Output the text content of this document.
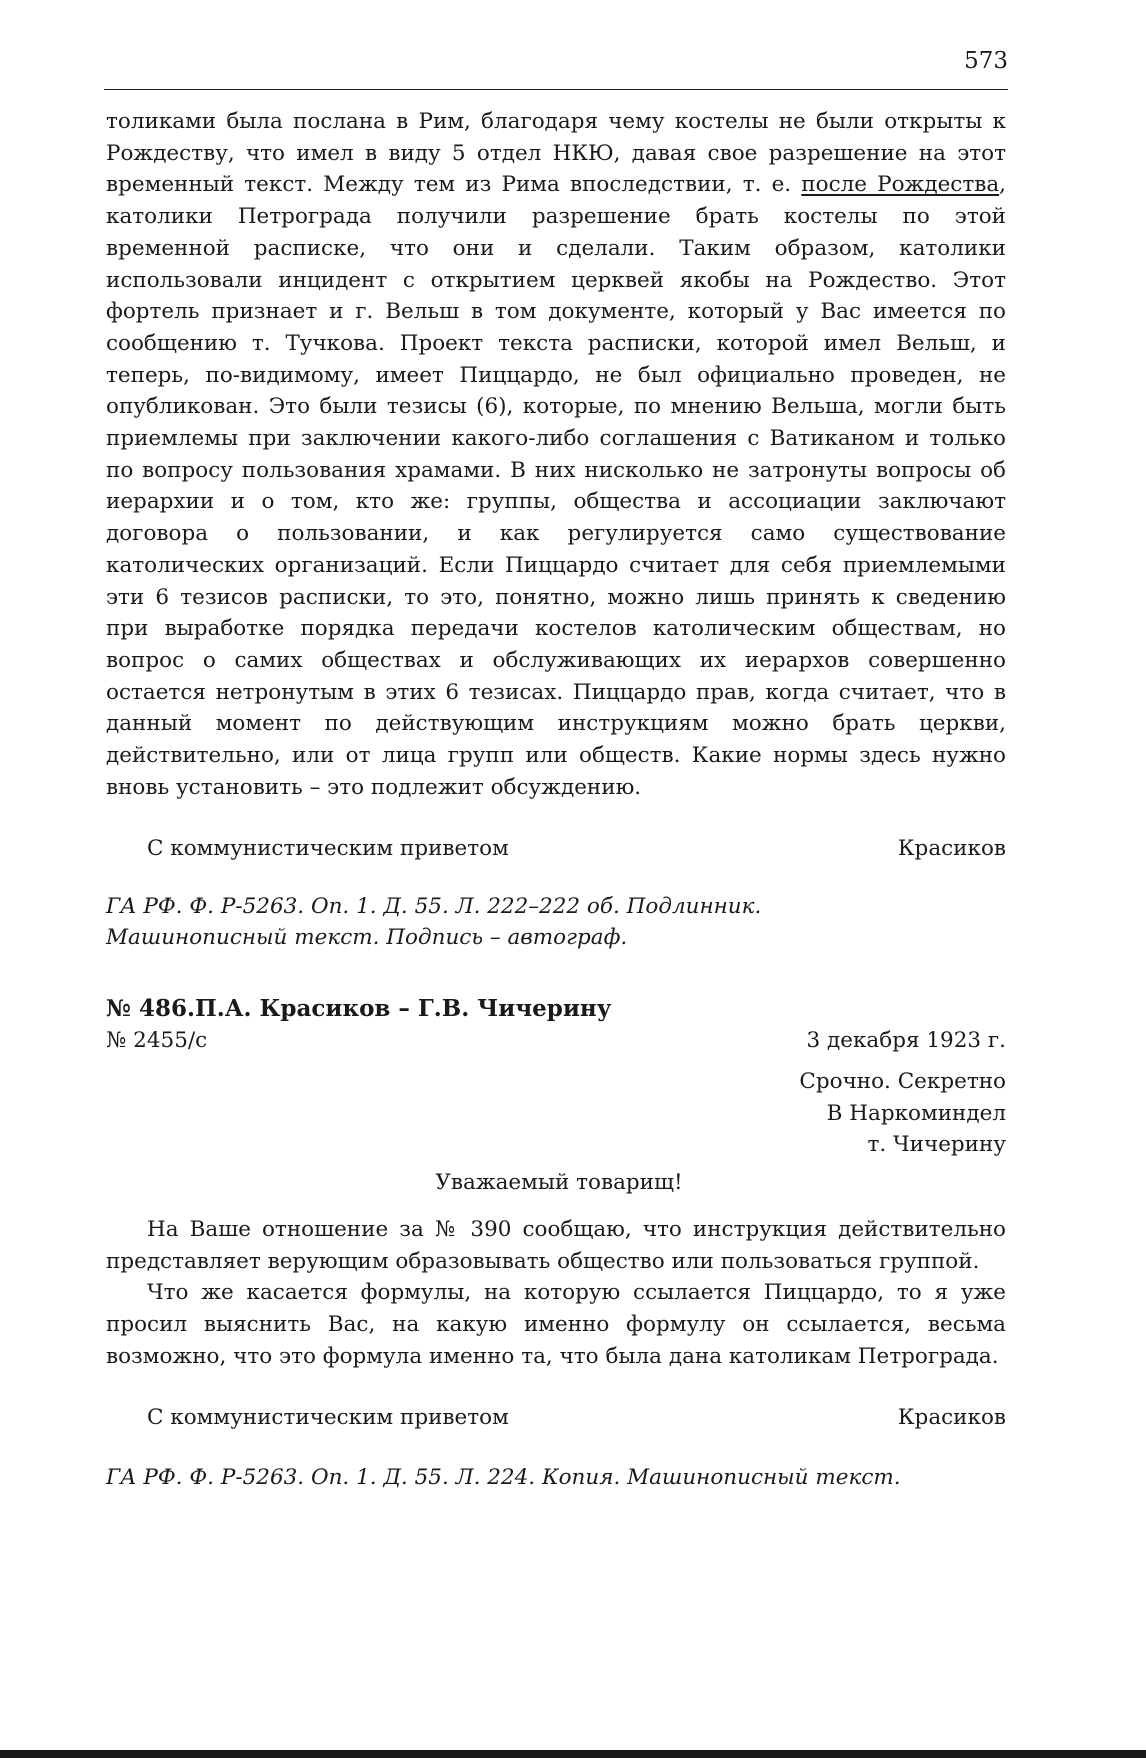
573

толиками была послана в Рим, благодаря чему костелы не были открыты к Рождеству, что имел в виду 5 отдел НКЮ, давая свое разрешение на этот временный текст. Между тем из Рима впоследствии, т. е. после Рождества, католики Петрограда получили разрешение брать костелы по этой временной расписке, что они и сделали. Таким образом, католики использовали инцидент с открытием церквей якобы на Рождество. Этот фортель признает и г. Вельш в том документе, который у Вас имеется по сообщению т. Тучкова. Проект текста расписки, которой имел Вельш, и теперь, по-видимому, имеет Пиццардо, не был официально проведен, не опубликован. Это были тезисы (6), которые, по мнению Вельша, могли быть приемлемы при заключении какого-либо соглашения с Ватиканом и только по вопросу пользования храмами. В них нисколько не затронуты вопросы об иерархии и о том, кто же: группы, общества и ассоциации заключают договора о пользовании, и как регулируется само существование католических организаций. Если Пиццардо считает для себя приемлемыми эти 6 тезисов расписки, то это, понятно, можно лишь принять к сведению при выработке порядка передачи костелов католическим обществам, но вопрос о самих обществах и обслуживающих их иерархов совершенно остается нетронутым в этих 6 тезисах. Пиццардо прав, когда считает, что в данный момент по действующим инструкциям можно брать церкви, действительно, или от лица групп или обществ. Какие нормы здесь нужно вновь установить – это подлежит обсуждению.

С коммунистическим приветом	Красиков

ГА РФ. Ф. Р-5263. Оп. 1. Д. 55. Л. 222–222 об. Подлинник.
Машинописный текст. Подпись – автограф.

№ 486.П.А. Красиков – Г.В. Чичерину
№ 2455/с	3 декабря 1923 г.
Срочно. Секретно
В Наркоминдел
т. Чичерину
Уважаемый товарищ!

На Ваше отношение за № 390 сообщаю, что инструкция действительно представляет верующим образовывать общество или пользоваться группой.

Что же касается формулы, на которую ссылается Пиццардо, то я уже просил выяснить Вас, на какую именно формулу он ссылается, весьма возможно, что это формула именно та, что была дана католикам Петрограда.

С коммунистическим приветом	Красиков

ГА РФ. Ф. Р-5263. Оп. 1. Д. 55. Л. 224. Копия. Машинописный текст.
